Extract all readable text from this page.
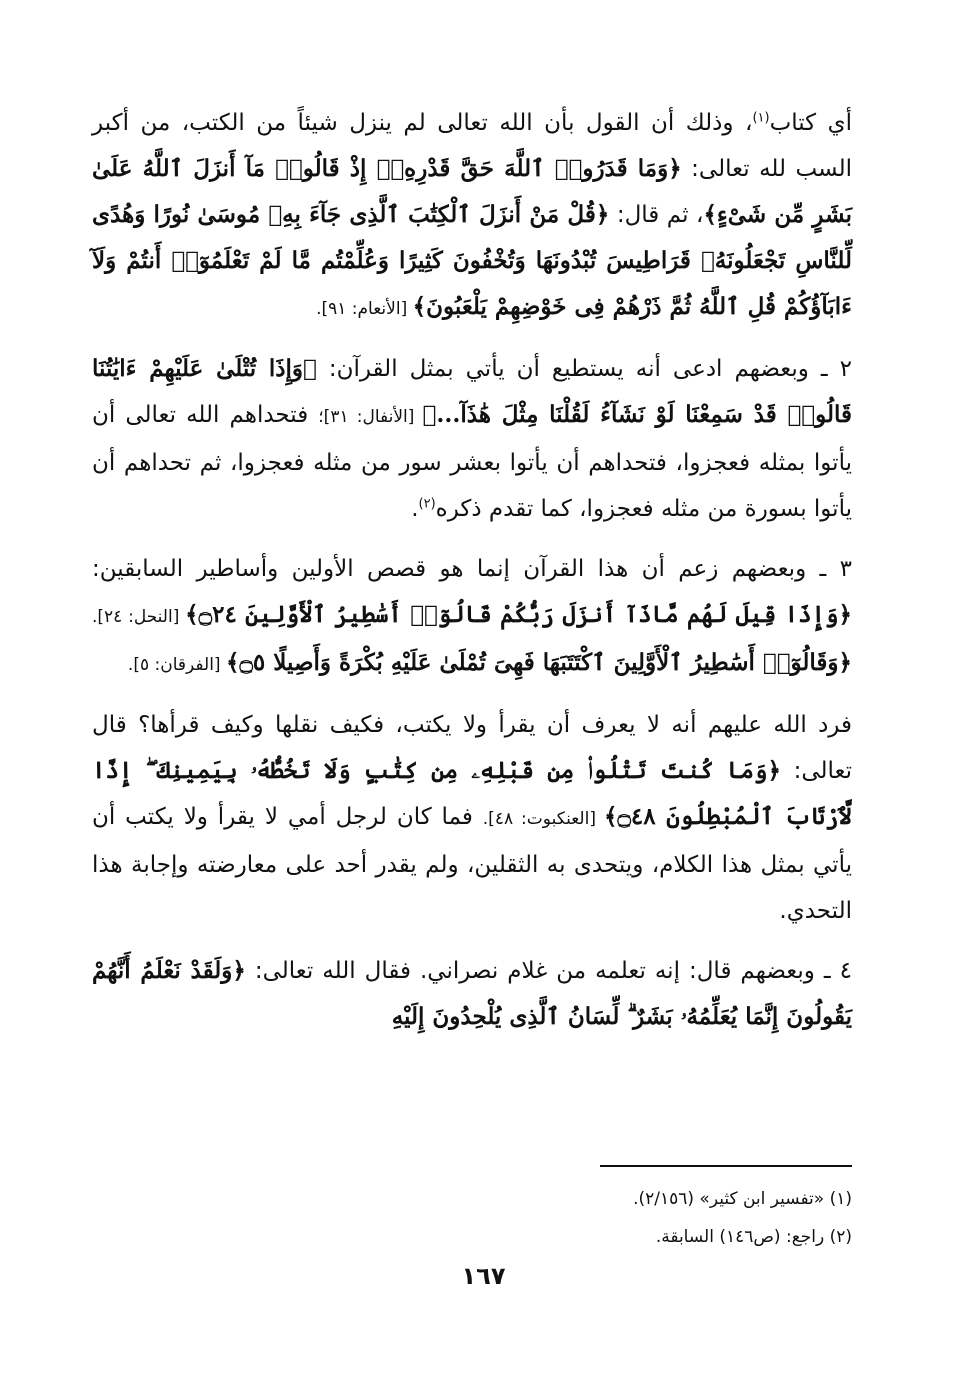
أي كتاب$^{(١)}$، وذلك أن القول بأن الله تعالى لم ينزل شيئاً من الكتب، من أكبر السب لله تعالى: ﴿وَمَا قَدَرُوا۟ ٱللَّهَ حَقَّ قَدْرِهِۦٓ إِذْ قَالُوا۟ مَآ أَنزَلَ ٱللَّهُ عَلَىٰ بَشَرٍ مِّن شَىْءٍ﴾، ثم قال: ﴿قُلْ مَنْ أَنزَلَ ٱلْكِتَٰبَ ٱلَّذِى جَآءَ بِهِۦ مُوسَىٰ نُورًا وَهُدًى لِّلنَّاسِ تَجْعَلُونَهُۥ قَرَاطِيسَ تُبْدُونَهَا وَتُخْفُونَ كَثِيرًا وَعُلِّمْتُم مَّا لَمْ تَعْلَمُوٓا۟ أَنتُمْ وَلَآ ءَابَآؤُكُمْ قُلِ ٱللَّهُ ثُمَّ ذَرْهُمْ فِى خَوْضِهِمْ يَلْعَبُونَ﴾ [الأنعام: ٩١].

٢ ـ وبعضهم ادعى أنه يستطيع أن يأتي بمثل القرآن: ﴿وَإِذَا تُتْلَىٰ عَلَيْهِمْ ءَايَٰتُنَا قَالُوا۟ قَدْ سَمِعْنَا لَوْ نَشَآءُ لَقُلْنَا مِثْلَ هَٰذَآ...﴾ [الأنفال: ٣١]؛ فتحداهم الله تعالى أن يأتوا بمثله فعجزوا، فتحداهم أن يأتوا بعشر سور من مثله فعجزوا، ثم تحداهم أن يأتوا بسورة من مثله فعجزوا، كما تقدم ذكره$^{(٢)}$.

٣ ـ وبعضهم زعم أن هذا القرآن إنما هو قصص الأولين وأساطير السابقين: ﴿وَإِذَا قِيلَ لَهُم مَّاذَآ أَنزَلَ رَبُّكُمْ قَالُوٓا۟ أَسَٰطِيرُ ٱلْأَوَّلِينَ ۝٢٤﴾ [النحل: ٢٤]. ﴿وَقَالُوٓا۟ أَسَٰطِيرُ ٱلْأَوَّلِينَ ٱكْتَتَبَهَا فَهِىَ تُمْلَىٰ عَلَيْهِ بُكْرَةً وَأَصِيلًا ۝٥﴾ [الفرقان: ٥].

فرد الله عليهم أنه لا يعرف أن يقرأ ولا يكتب، فكيف نقلها وكيف قرأها؟ قال تعالى: ﴿وَمَا كُنتَ تَتْلُوا۟ مِن قَبْلِهِۦ مِن كِتَٰبٍ وَلَا تَخُطُّهُۥ بِيَمِينِكَ ۖ إِذًا لَّٱرْتَابَ ٱلْمُبْطِلُونَ ۝٤٨﴾ [العنكبوت: ٤٨]. فما كان لرجل أمي لا يقرأ ولا يكتب أن يأتي بمثل هذا الكلام، ويتحدى به الثقلين، ولم يقدر أحد على معارضته وإجابة هذا التحدي.

٤ ـ وبعضهم قال: إنه تعلمه من غلام نصراني. فقال الله تعالى: ﴿وَلَقَدْ نَعْلَمُ أَنَّهُمْ يَقُولُونَ إِنَّمَا يُعَلِّمُهُۥ بَشَرٌ ۗ لِّسَانُ ٱلَّذِى يُلْحِدُونَ إِلَيْهِ

(١) «تفسير ابن كثير» (٢/١٥٦).

(٢) راجع: (ص١٤٦) السابقة.

١٦٧
